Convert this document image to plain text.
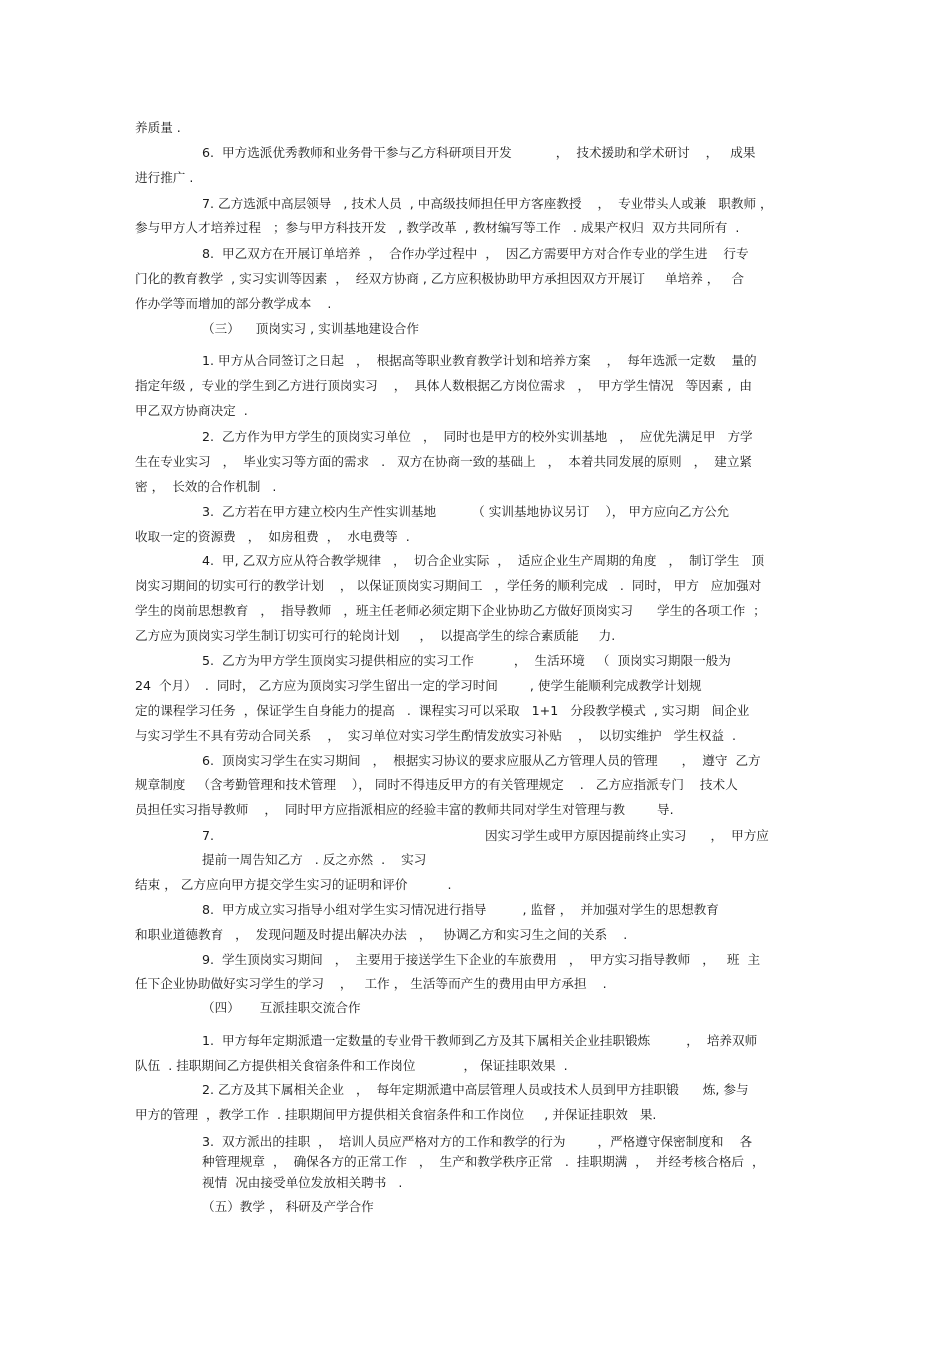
养质量 .
6.  甲方选派优秀教师和业务骨干参与乙方科研项目开发           ，  技术援助和学术研讨    ，   成果
进行推广 .
7. 乙方选派中高层领导   , 技术人员  , 中高级技师担任甲方客座教授    ，  专业带头人或兼   职教师 ，
参与甲方人才培养过程   ；参与甲方科技开发   , 教学改革  , 教材编写等工作   . 成果产权归  双方共同所有  .
8.  甲乙双方在开展订单培养  ，  合作办学过程中  ，  因乙方需要甲方对合作专业的学生进    行专
门化的教育教学  , 实习实训等因素  ，  经双方协商 , 乙方应积极协助甲方承担因双方开展订     单培养 ，   合
作办学等而增加的部分教学成本    .
（三）    顶岗实习 , 实训基地建设合作
1. 甲方从合同签订之日起   ，  根据高等职业教育教学计划和培养方案    ，  每年选派一定数    量的
指定年级 ,  专业的学生到乙方进行顶岗实习    ，  具体人数根据乙方岗位需求   ，  甲方学生情况   等因素 ,  由
甲乙双方协商决定  .
2.  乙方作为甲方学生的顶岗实习单位   ，  同时也是甲方的校外实训基地   ，  应优先满足甲   方学
生在专业实习   ，  毕业实习等方面的需求   .   双方在协商一致的基础上   ，  本着共同发展的原则   ，  建立紧
密 ，  长效的合作机制   .
3.  乙方若在甲方建立校内生产性实训基地         （ 实训基地协议另订    ）， 甲方应向乙方公允
收取一定的资源费   ，  如房租费  ，  水电费等  .
4.  甲, 乙双方应从符合教学规律   ，  切合企业实际  ，  适应企业生产周期的角度   ，  制订学生   顶
岗实习期间的切实可行的教学计划    ， 以保证顶岗实习期间工   ，学任务的顺利完成   .  同时， 甲方   应加强对
学生的岗前思想教育   ，  指导教师   ，班主任老师必须定期下企业协助乙方做好顶岗实习      学生的各项工作  ；
乙方应为顶岗实习学生制订切实可行的轮岗计划     ，  以提高学生的综合素质能     力.
5.  乙方为甲方学生顶岗实习提供相应的实习工作          ，  生活环境   （  顶岗实习期限一般为
24  个月）  .  同时， 乙方应为顶岗实习学生留出一定的学习时间        , 使学生能顺利完成教学计划规
定的课程学习任务  ，保证学生自身能力的提高   .  课程实习可以采取   1+1   分段教学模式  , 实习期   间企业
与实习学生不具有劳动合同关系    ，  实习单位对实习学生酌情发放实习补贴    ，  以切实维护   学生权益  .
6.  顶岗实习学生在实习期间   ，  根据实习协议的要求应服从乙方管理人员的管理      ，  遵守  乙方
规章制度   （含考勤管理和技术管理    ）， 同时不得违反甲方的有关管理规定    .   乙方应指派专门    技术人
员担任实习指导教师    ，  同时甲方应指派相应的经验丰富的教师共同对学生对管理与教        导.
7.	因实习学生或甲方原因提前终止实习      ，  甲方应
提前一周告知乙方   . 反之亦然  .    实习
结束 ， 乙方应向甲方提交学生实习的证明和评价          .
8.  甲方成立实习指导小组对学生实习情况进行指导         , 监督 ，  并加强对学生的思想教育
和职业道德教育   ，  发现问题及时提出解决办法   ，   协调乙方和实习生之间的关系    .
9.  学生顶岗实习期间   ，  主要用于接送学生下企业的车旅费用   ，  甲方实习指导教师   ，   班  主
任下企业协助做好实习学生的学习    ，   工作 ， 生活等而产生的费用由甲方承担    .
（四）     互派挂职交流合作
1.  甲方每年定期派遣一定数量的专业骨干教师到乙方及其下属相关企业挂职锻炼         ，  培养双师
队伍  . 挂职期间乙方提供相关食宿条件和工作岗位            ， 保证挂职效果  .
2. 乙方及其下属相关企业   ，  每年定期派遣中高层管理人员或技术人员到甲方挂职锻      炼, 参与
甲方的管理  ，教学工作  . 挂职期间甲方提供相关食宿条件和工作岗位     , 并保证挂职效   果.
3.  双方派出的挂职  ，  培训人员应严格对方的工作和教学的行为        ，严格遵守保密制度和    各
种管理规章  ，  确保各方的正常工作   ，  生产和教学秩序正常   .  挂职期满  ，  并经考核合格后  ，
视情  况由接受单位发放相关聘书   .
（五）教学 ， 科研及产学合作
